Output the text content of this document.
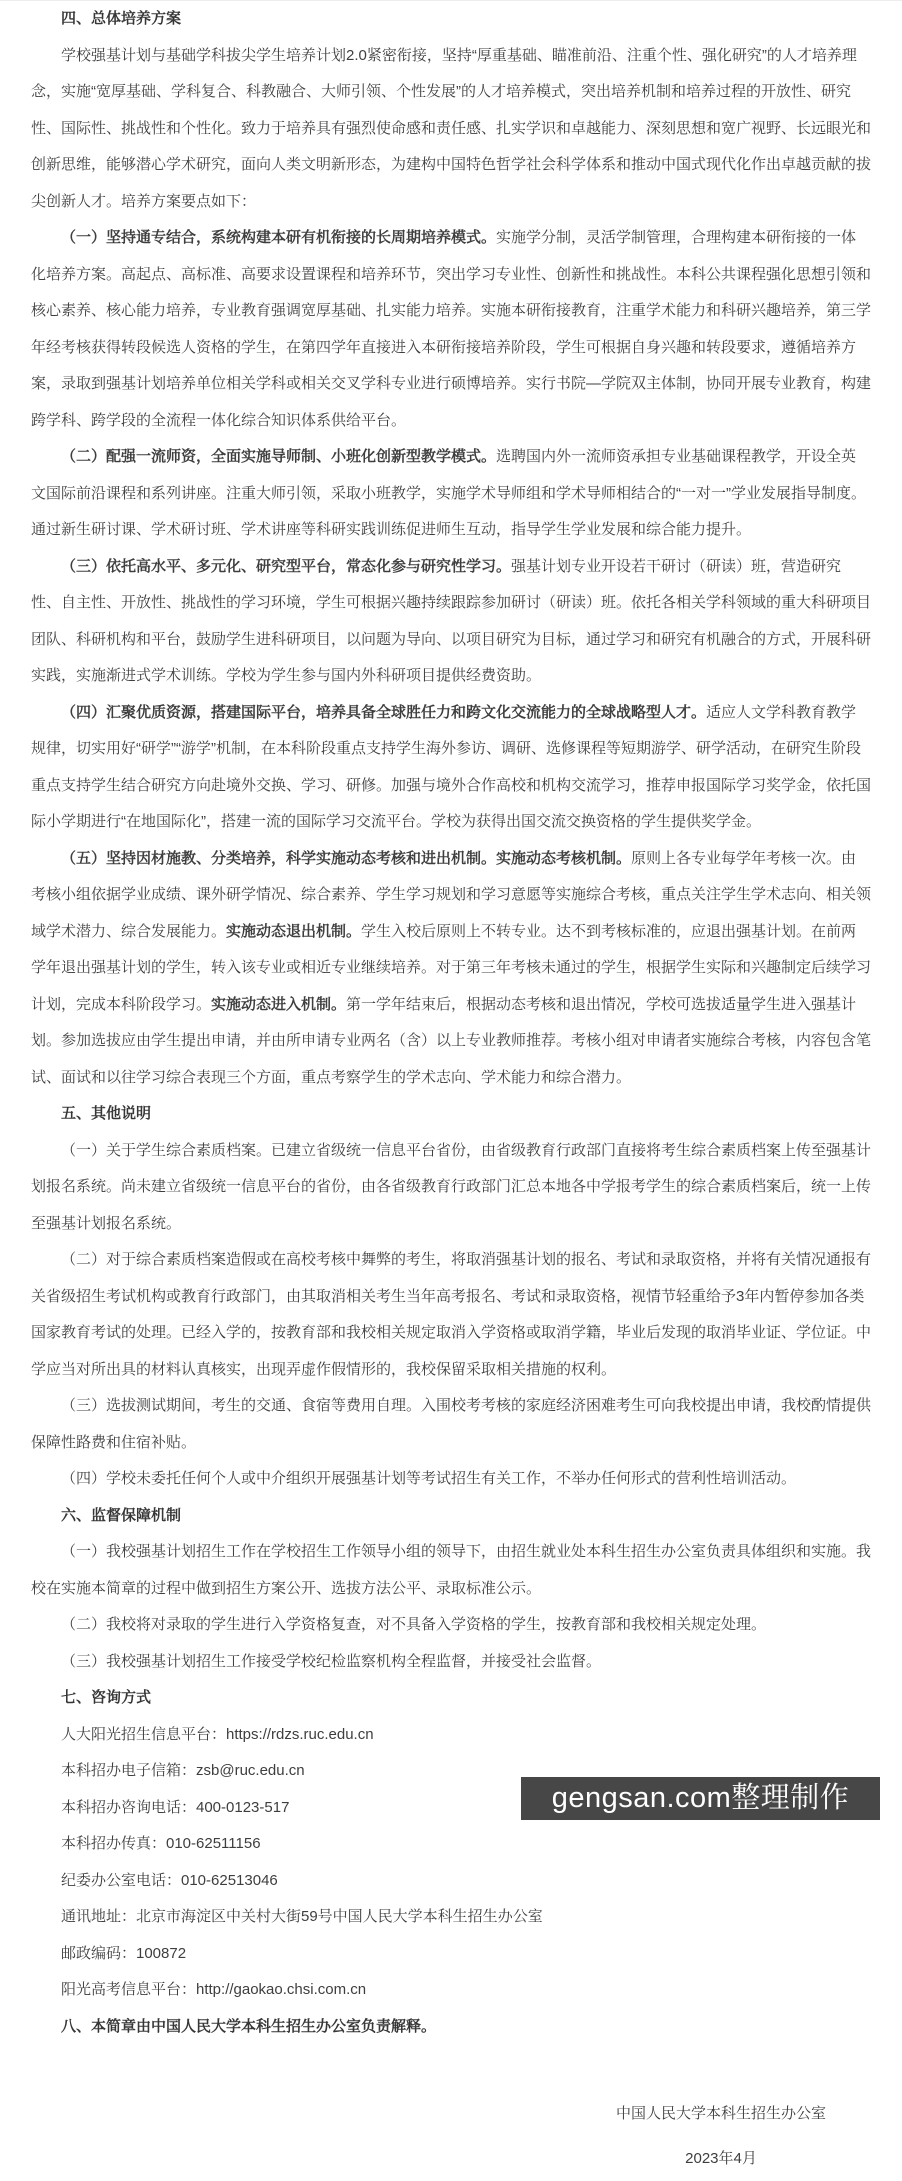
四、总体培养方案

学校强基计划与基础学科拔尖学生培养计划2.0紧密衔接，坚持“厚重基础、瞄准前沿、注重个性、强化研究”的人才培养理念，实施“宽厚基础、学科复合、科教融合、大师引领、个性发展”的人才培养模式，突出培养机制和培养过程的开放性、研究性、国际性、挑战性和个性化。致力于培养具有强烈使命感和责任感、扎实学识和卓越能力、深刻思想和宽广视野、长远眼光和创新思维，能够潜心学术研究，面向人类文明新形态，为建构中国特色哲学社会科学体系和推动中国式现代化作出卓越贡献的拔尖创新人才。培养方案要点如下：

（一）坚持通专结合，系统构建本研有机衔接的长周期培养模式。实施学分制，灵活学制管理，合理构建本研衔接的一体化培养方案。高起点、高标准、高要求设置课程和培养环节，突出学习专业性、创新性和挑战性。本科公共课程强化思想引领和核心素养、核心能力培养，专业教育强调宽厚基础、扎实能力培养。实施本研衔接教育，注重学术能力和科研兴趣培养，第三学年经考核获得转段候选人资格的学生，在第四学年直接进入本研衔接培养阶段，学生可根据自身兴趣和转段要求，遵循培养方案，录取到强基计划培养单位相关学科或相关交叉学科专业进行硕博培养。实行书院—学院双主体制，协同开展专业教育，构建跨学科、跨学段的全流程一体化综合知识体系供给平台。

（二）配强一流师资，全面实施导师制、小班化创新型教学模式。选聘国内外一流师资承担专业基础课程教学，开设全英文国际前沿课程和系列讲座。注重大师引领，采取小班教学，实施学术导师组和学术导师相结合的“一对一”学业发展指导制度。通过新生研讨课、学术研讨班、学术讲座等科研实践训练促进师生互动，指导学生学业发展和综合能力提升。

（三）依托高水平、多元化、研究型平台，常态化参与研究性学习。强基计划专业开设若干研讨（研读）班，营造研究性、自主性、开放性、挑战性的学习环境，学生可根据兴趣持续跟踪参加研讨（研读）班。依托各相关学科领域的重大科研项目团队、科研机构和平台，鼓励学生进科研项目，以问题为导向、以项目研究为目标，通过学习和研究有机融合的方式，开展科研实践，实施渐进式学术训练。学校为学生参与国内外科研项目提供经费资助。

（四）汇聚优质资源，搭建国际平台，培养具备全球胜任力和跨文化交流能力的全球战略型人才。适应人文学科教育教学规律，切实用好“研学”“游学”机制，在本科阶段重点支持学生海外参访、调研、选修课程等短期游学、研学活动，在研究生阶段重点支持学生结合研究方向赴境外交换、学习、研修。加强与境外合作高校和机构交流学习，推荐申报国际学习奖学金，依托国际小学期进行“在地国际化”，搭建一流的国际学习交流平台。学校为获得出国交流交换资格的学生提供奖学金。

（五）坚持因材施教、分类培养，科学实施动态考核和进出机制。实施动态考核机制。原则上各专业每学年考核一次。由考核小组依据学业成绩、课外研学情况、综合素养、学生学习规划和学习意愿等实施综合考核，重点关注学生学术志向、相关领域学术潜力、综合发展能力。实施动态退出机制。学生入校后原则上不转专业。达不到考核标准的，应退出强基计划。在前两学年退出强基计划的学生，转入该专业或相近专业继续培养。对于第三年考核未通过的学生，根据学生实际和兴趣制定后续学习计划，完成本科阶段学习。实施动态进入机制。第一学年结束后，根据动态考核和退出情况，学校可选拔适量学生进入强基计划。参加选拔应由学生提出申请，并由所申请专业两名（含）以上专业教师推荐。考核小组对申请者实施综合考核，内容包含笔试、面试和以往学习综合表现三个方面，重点考察学生的学术志向、学术能力和综合潜力。

五、其他说明

（一）关于学生综合素质档案。已建立省级统一信息平台省份，由省级教育行政部门直接将考生综合素质档案上传至强基计划报名系统。尚未建立省级统一信息平台的省份，由各省级教育行政部门汇总本地各中学报考学生的综合素质档案后，统一上传至强基计划报名系统。

（二）对于综合素质档案造假或在高校考核中舞弊的考生，将取消强基计划的报名、考试和录取资格，并将有关情况通报有关省级招生考试机构或教育行政部门，由其取消相关考生当年高考报名、考试和录取资格，视情节轻重给予3年内暂停参加各类国家教育考试的处理。已经入学的，按教育部和我校相关规定取消入学资格或取消学籍，毕业后发现的取消毕业证、学位证。中学应当对所出具的材料认真核实，出现弄虚作假情形的，我校保留采取相关措施的权利。

（三）选拔测试期间，考生的交通、食宿等费用自理。入围校考考核的家庭经济困难考生可向我校提出申请，我校酌情提供保障性路费和住宿补贴。

（四）学校未委托任何个人或中介组织开展强基计划等考试招生有关工作，不举办任何形式的营利性培训活动。

六、监督保障机制

（一）我校强基计划招生工作在学校招生工作领导小组的领导下，由招生就业处本科生招生办公室负责具体组织和实施。我校在实施本简章的过程中做到招生方案公开、选拔方法公平、录取标准公示。

（二）我校将对录取的学生进行入学资格复查，对不具备入学资格的学生，按教育部和我校相关规定处理。

（三）我校强基计划招生工作接受学校纪检监察机构全程监督，并接受社会监督。

七、咨询方式

人大阳光招生信息平台：https://rdzs.ruc.edu.cn

本科招办电子信箱：zsb@ruc.edu.cn

本科招办咨询电话：400-0123-517

本科招办传真：010-62511156

纪委办公室电话：010-62513046

通讯地址：北京市海淀区中关村大街59号中国人民大学本科生招生办公室

邮政编码：100872

阳光高考信息平台：http://gaokao.chsi.com.cn

八、本简章由中国人民大学本科生招生办公室负责解释。

中国人民大学本科生招生办公室

2023年4月

gengsan.com整理制作
